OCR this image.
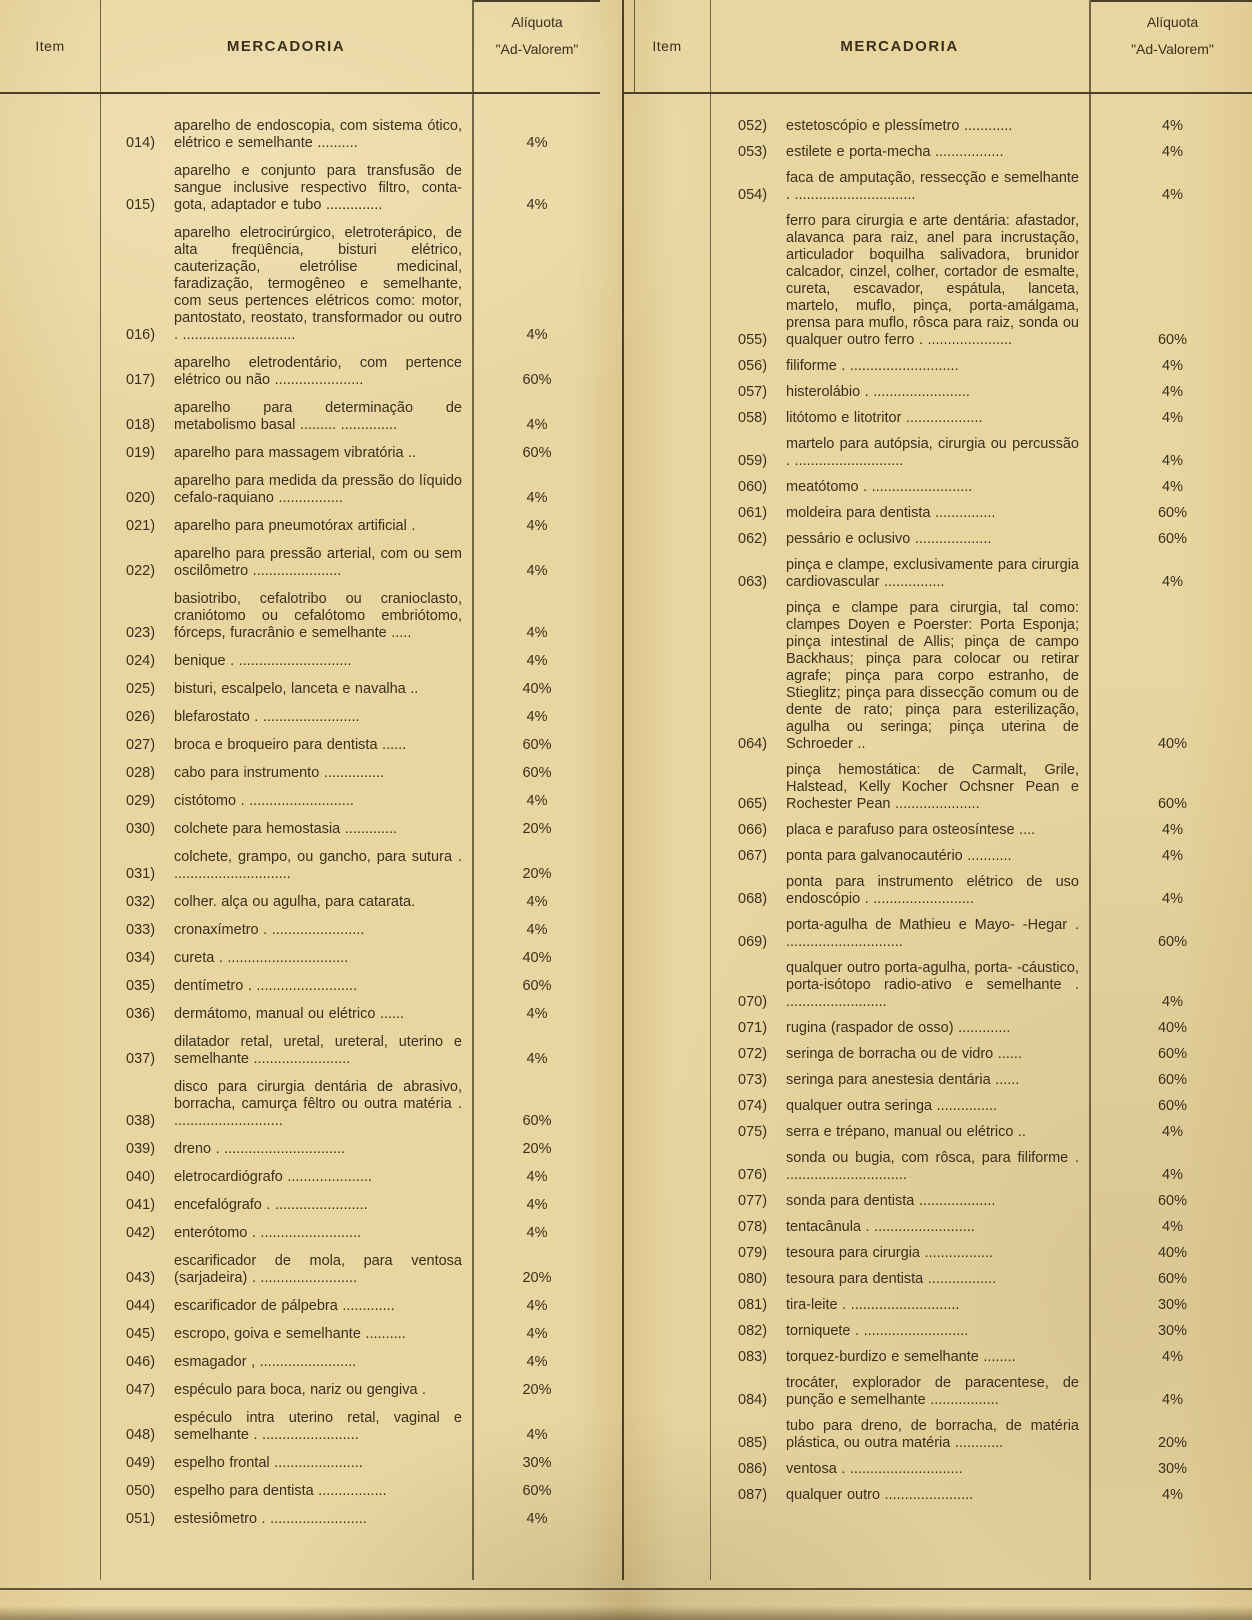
Item	MERCADORIA
Alíquota
"Ad-Valorem"
014)
aparelho de endoscopia, com sistema ótico, elétrico e semelhante ..........	4%
015)
aparelho e conjunto para transfusão de sangue inclusive respectivo filtro, conta-gota, adaptador e tubo ..............	4%
016)
aparelho eletrocirúrgico, eletroterápico, de alta freqüência, bisturi elétrico, cauterização, eletrólise medicinal, faradização, termogêneo e semelhante, com seus pertences elétricos como: motor, pantostato, reostato, transformador ou outro . ............................	4%
017)
aparelho eletrodentário, com pertence elétrico ou não ......................	60%
018)
aparelho para determinação de metabolismo basal ......... ..............	4%
019)	aparelho para massagem vibratória ..	60%
020)
aparelho para medida da pressão do líquido cefalo-raquiano ................	4%
021)	aparelho para pneumotórax artificial .	4%
022)
aparelho para pressão arterial, com ou sem oscilômetro ......................	4%
023)
basiotribo, cefalotribo ou cranioclasto, craniótomo ou cefalótomo embriótomo, fórceps, furacrânio e semelhante .....	4%
024)	benique . ............................	4%
025)	bisturi, escalpelo, lanceta e navalha ..	40%
026)	blefarostato . ........................	4%
027)	broca e broqueiro para dentista ......	60%
028)	cabo para instrumento ...............	60%
029)	cistótomo . ..........................	4%
030)	colchete para hemostasia .............	20%
031)
colchete, grampo, ou gancho, para sutura . .............................	20%
032)	colher. alça ou agulha, para catarata.	4%
033)	cronaxímetro . .......................	4%
034)	cureta . ..............................	40%
035)	dentímetro . .........................	60%
036)	dermátomo, manual ou elétrico ......	4%
037)
dilatador retal, uretal, ureteral, uterino e semelhante ........................	4%
038)
disco para cirurgia dentária de abrasivo, borracha, camurça fêltro ou outra matéria . ...........................	60%
039)	dreno . ..............................	20%
040)	eletrocardiógrafo .....................	4%
041)	encefalógrafo . .......................	4%
042)	enterótomo . .........................	4%
043)
escarificador de mola, para ventosa (sarjadeira) . ........................	20%
044)	escarificador de pálpebra .............	4%
045)	escropo, goiva e semelhante ..........	4%
046)	esmagador , ........................	4%
047)	espéculo para boca, nariz ou gengiva .	20%
048)
espéculo intra uterino retal, vaginal e semelhante . ........................	4%
049)	espelho frontal ......................	30%
050)	espelho para dentista .................	60%
051)	estesiômetro . ........................	4%
Item	MERCADORIA
Alíquota
"Ad-Valorem"
052)	estetoscópio e plessímetro ............	4%
053)	estilete e porta-mecha .................	4%
054)
faca de amputação, ressecção e semelhante . ..............................	4%
055)
ferro para cirurgia e arte dentária: afastador, alavanca para raiz, anel para incrustação, articulador boquilha salivadora, brunidor calcador, cinzel, colher, cortador de esmalte, cureta, escavador, espátula, lanceta, martelo, muflo, pinça, porta-amálgama, prensa para muflo, rôsca para raiz, sonda ou qualquer outro ferro . .....................	60%
056)	filiforme . ...........................	4%
057)	histerolábio . ........................	4%
058)	litótomo e litotritor ...................	4%
059)
martelo para autópsia, cirurgia ou percussão . ...........................	4%
060)	meatótomo . .........................	4%
061)	moldeira para dentista ...............	60%
062)	pessário e oclusivo ...................	60%
063)
pinça e clampe, exclusivamente para cirurgia cardiovascular ...............	4%
064)
pinça e clampe para cirurgia, tal como: clampes Doyen e Poerster: Porta Esponja; pinça intestinal de Allis; pinça de campo Backhaus; pinça para colocar ou retirar agrafe; pinça para corpo estranho, de Stieglitz; pinça para dissecção comum ou de dente de rato; pinça para esterilização, agulha ou seringa; pinça uterina de Schroeder ..	40%
065)
pinça hemostática: de Carmalt, Grile, Halstead, Kelly Kocher Ochsner Pean e Rochester Pean .....................	60%
066)	placa e parafuso para osteosíntese ....	4%
067)	ponta para galvanocautério ...........	4%
068)
ponta para instrumento elétrico de uso endoscópio . .........................	4%
069)
porta-agulha de Mathieu e Mayo- -Hegar . .............................	60%
070)
qualquer outro porta-agulha, porta- -cáustico, porta-isótopo radio-ativo e semelhante . .........................	4%
071)	rugina (raspador de osso) .............	40%
072)	seringa de borracha ou de vidro ......	60%
073)	seringa para anestesia dentária ......	60%
074)	qualquer outra seringa ...............	60%
075)	serra e trépano, manual ou elétrico ..	4%
076)
sonda ou bugia, com rôsca, para filiforme . ..............................	4%
077)	sonda para dentista ...................	60%
078)	tentacânula . .........................	4%
079)	tesoura para cirurgia .................	40%
080)	tesoura para dentista .................	60%
081)	tira-leite . ...........................	30%
082)	torniquete . ..........................	30%
083)	torquez-burdizo e semelhante ........	4%
084)
trocáter, explorador de paracentese, de punção e semelhante .................	4%
085)
tubo para dreno, de borracha, de matéria plástica, ou outra matéria ............	20%
086)	ventosa . ............................	30%
087)	qualquer outro ......................	4%
